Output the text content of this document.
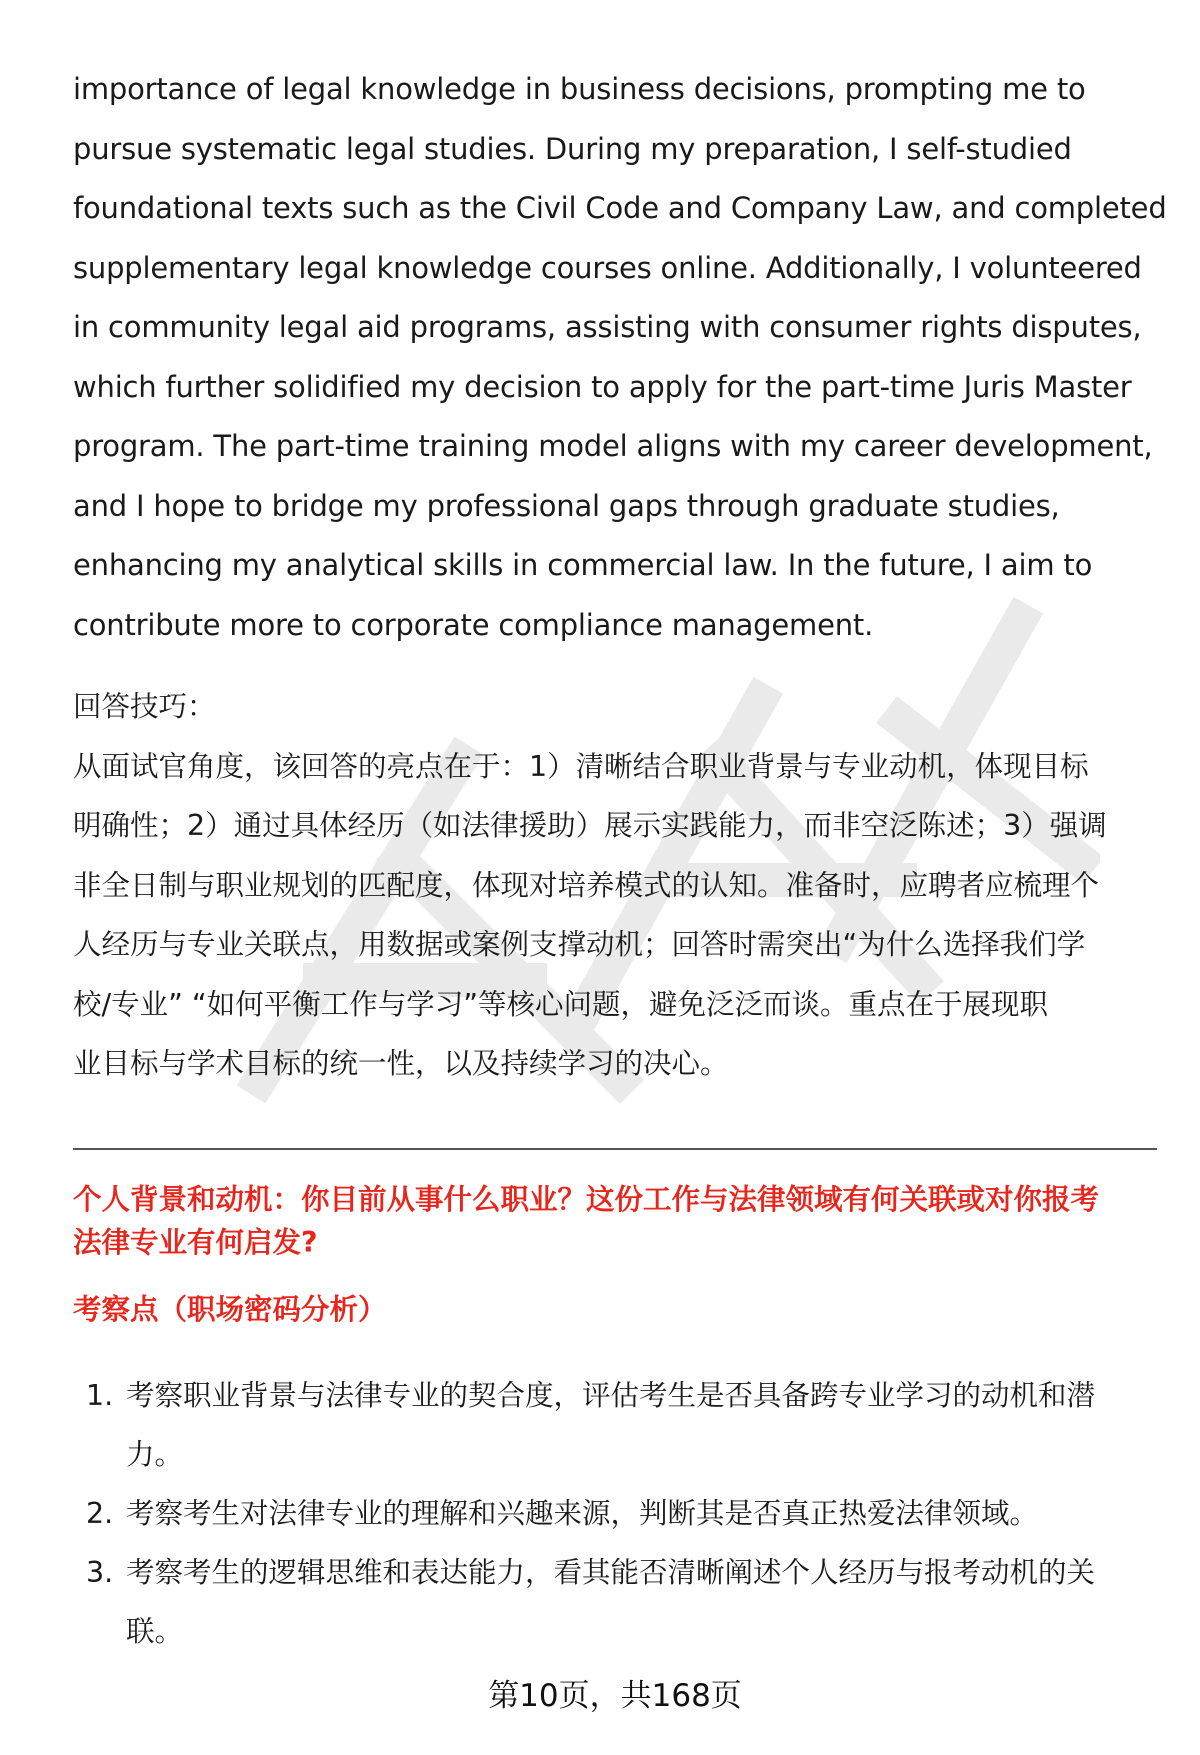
importance of legal knowledge in business decisions, prompting me to

pursue systematic legal studies. During my preparation, I self-studied

foundational texts such as the Civil Code and Company Law, and completed

supplementary legal knowledge courses online. Additionally, I volunteered

in community legal aid programs, assisting with consumer rights disputes,

which further solidified my decision to apply for the part-time Juris Master

program. The part-time training model aligns with my career development,

and I hope to bridge my professional gaps through graduate studies,

enhancing my analytical skills in commercial law. In the future, I aim to

contribute more to corporate compliance management.

回答技巧：

从面试官角度，该回答的亮点在于：1）清晰结合职业背景与专业动机，体现目标

明确性；2）通过具体经历（如法律援助）展示实践能力，而非空泛陈述；3）强调

非全日制与职业规划的匹配度，体现对培养模式的认知。准备时，应聘者应梳理个

人经历与专业关联点，用数据或案例支撑动机；回答时需突出“为什么选择我们学

校/专业” “如何平衡工作与学习”等核心问题，避免泛泛而谈。重点在于展现职

业目标与学术目标的统一性，以及持续学习的决心。

个人背景和动机：你目前从事什么职业？这份工作与法律领域有何关联或对你报考

法律专业有何启发?

考察点（职场密码分析）
1. 考察职业背景与法律专业的契合度，评估考生是否具备跨专业学习的动机和潜

力。

2. 考察考生对法律专业的理解和兴趣来源，判断其是否真正热爱法律领域。

3. 考察考生的逻辑思维和表达能力，看其能否清晰阐述个人经历与报考动机的关

联。

第10页，共168页
